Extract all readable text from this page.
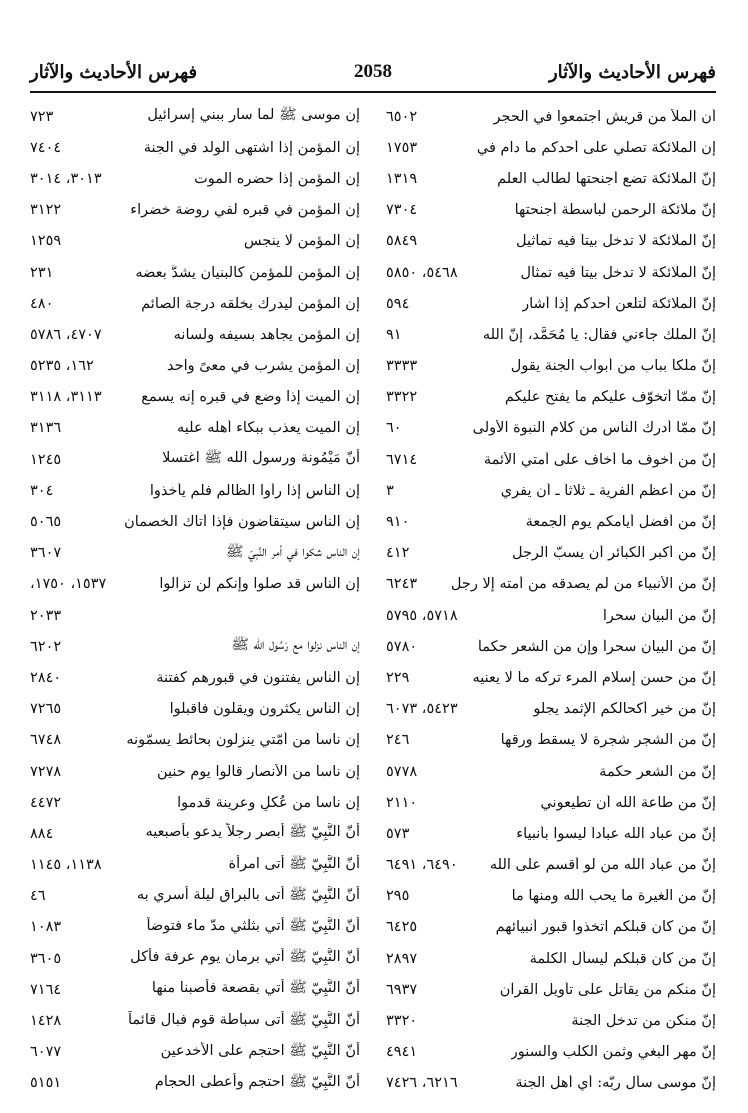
فهرس الأحاديث والآثار
2058
فهرس الأحاديث والآثار
أن الملأ من قريش اجتمعوا في الحجر
٦٥٠٢
إن الملائكة تصلي على أحدكم ما دام في
١٧٥٣
إنّ الملائكة تضع أجنحتها لطالب العلم
١٣١٩
إنّ ملائكة الرحمن لباسطة أجنحتها
٧٣٠٤
إنّ الملائكة لا تدخل بيتاً فيه تماثيل
٥٨٤٩
إنّ الملائكة لا تدخل بيتاً فيه تمثال
٥٤٦٨، ٥٨٥٠
إنّ الملائكة لتلعن أحدكم إذا أشار
٥٩٤
إنّ الملك جاءني فقال: يا مُحَمَّد، إنّ الله
٩١
إنّ ملكاً بباب من أبواب الجنة يقول
٣٣٣٣
إنّ ممّا أتخوّف عليكم ما يفتح عليكم
٣٣٢٢
إنّ ممّا أدرك الناس من كلام النبوة الأولى
٦٠
إنّ من أخوف ما أخاف على أمتي الأئمة
٦٧١٤
إنّ من أعظم الفرية ـ ثلاثاً ـ أن يفري
٣
إنّ من أفضل أيامكم يوم الجمعة
٩١٠
إنّ من أكبر الكبائر أن يسبّ الرجل
٤١٢
إنّ من الأنبياء من لم يصدقه من أمته إلا رجل
٦٢٤٣
إنّ من البيان سحراً
٥٧١٨، ٥٧٩٥
إنّ من البيان سحراً وإن من الشعر حكماً
٥٧٨٠
إنّ من حسن إسلام المرء تركه ما لا يعنيه
٢٢٩
إنّ من خير أكحالكم الإثمد يجلو
٥٤٢٣، ٦٠٧٣
إنّ من الشجر شجرة لا يسقط ورقها
٢٤٦
إنّ من الشعر حكمة
٥٧٧٨
إنّ من طاعة الله أن تطيعوني
٢١١٠
إنّ من عباد الله عباداً ليسوا بأنبياء
٥٧٣
إنّ من عباد الله من لو أقسم على الله
٦٤٩٠، ٦٤٩١
إنّ من الغيرة ما يحب الله ومنها ما
٢٩٥
إنّ من كان قبلكم اتخذوا قبور أنبيائهم
٦٤٢٥
إنّ من كان قبلكم ليسأل الكلمة
٢٨٩٧
إنّ منكم من يقاتل على تأويل القرآن
٦٩٣٧
إنّ منكن من تدخل الجنة
٣٣٢٠
إنّ مهر البغي وثمن الكلب والسنور
٤٩٤١
إنّ موسى سأل ربّه: أي أهل الجنة
٦٢١٦، ٧٤٢٦
إن موسى ﷺ لما سار ببني إسرائيل
٧٢٣
إن المؤمن إذا اشتهى الولد في الجنة
٧٤٠٤
إن المؤمن إذا حضره الموت
٣٠١٣، ٣٠١٤
إن المؤمن في قبره لفي روضة خضراء
٣١٢٢
إن المؤمن لا ينجس
١٢٥٩
إن المؤمن للمؤمن كالبنيان يشدُّ بعضه
٢٣١
إن المؤمن ليدرك بخلقه درجة الصائم
٤٨٠
إن المؤمن يجاهد بسيفه ولسانه
٤٧٠٧، ٥٧٨٦
إن المؤمن يشرب في معىً واحد
١٦٢، ٥٢٣٥
إن الميت إذا وضع في قبره إنه يسمع
٣١١٣، ٣١١٨
إن الميت يعذب ببكاء أهله عليه
٣١٣٦
أنّ مَيْمُونة ورسول الله ﷺ اغتسلا
١٢٤٥
إن الناس إذا رأوا الظالم فلم يأخذوا
٣٠٤
إن الناس سيتقاضون فإذا أتاك الخصمان
٥٠٦٥
إن الناس شكوا في أمر النَّبِيّ ﷺ
٣٦٠٧
إن الناس قد صلوا وإنكم لن تزالوا
١٥٣٧، ١٧٥٠،
٢٠٣٣
إن الناس نزلوا مع رَسُول الله ﷺ
٦٢٠٢
إن الناس يفتنون في قبورهم كفتنة
٢٨٤٠
إن الناس يكثرون ويقلون فاقبلوا
٧٢٦٥
إن ناساً من أمّتي ينزلون بحائط يسمّونه
٦٧٤٨
إن ناساً من الأنصار قالوا يوم حنين
٧٢٧٨
إن ناساً من عُكلٍ وعرينة قدموا
٤٤٧٢
أنّ النَّبِيّ ﷺ أبصر رجلاً يدعو بأصبعيه
٨٨٤
أنّ النَّبِيّ ﷺ أتى امرأة
١١٣٨، ١١٤٥
أنّ النَّبِيّ ﷺ أتى بالبراق ليلة أُسري به
٤٦
أنّ النَّبِيّ ﷺ أتي بثلثي مدّ ماء فتوضأ
١٠٨٣
أنّ النَّبِيّ ﷺ أتي برمان يوم عرفة فأكل
٣٦٠٥
أنّ النَّبِيّ ﷺ أتي بقصعة فأصبنا منها
٧١٦٤
أنّ النَّبِيّ ﷺ أتى سباطة قوم فبال قائماً
١٤٢٨
أنّ النَّبِيّ ﷺ احتجم على الأخدعين
٦٠٧٧
أنّ النَّبِيّ ﷺ احتجم وأعطى الحجام
٥١٥١
